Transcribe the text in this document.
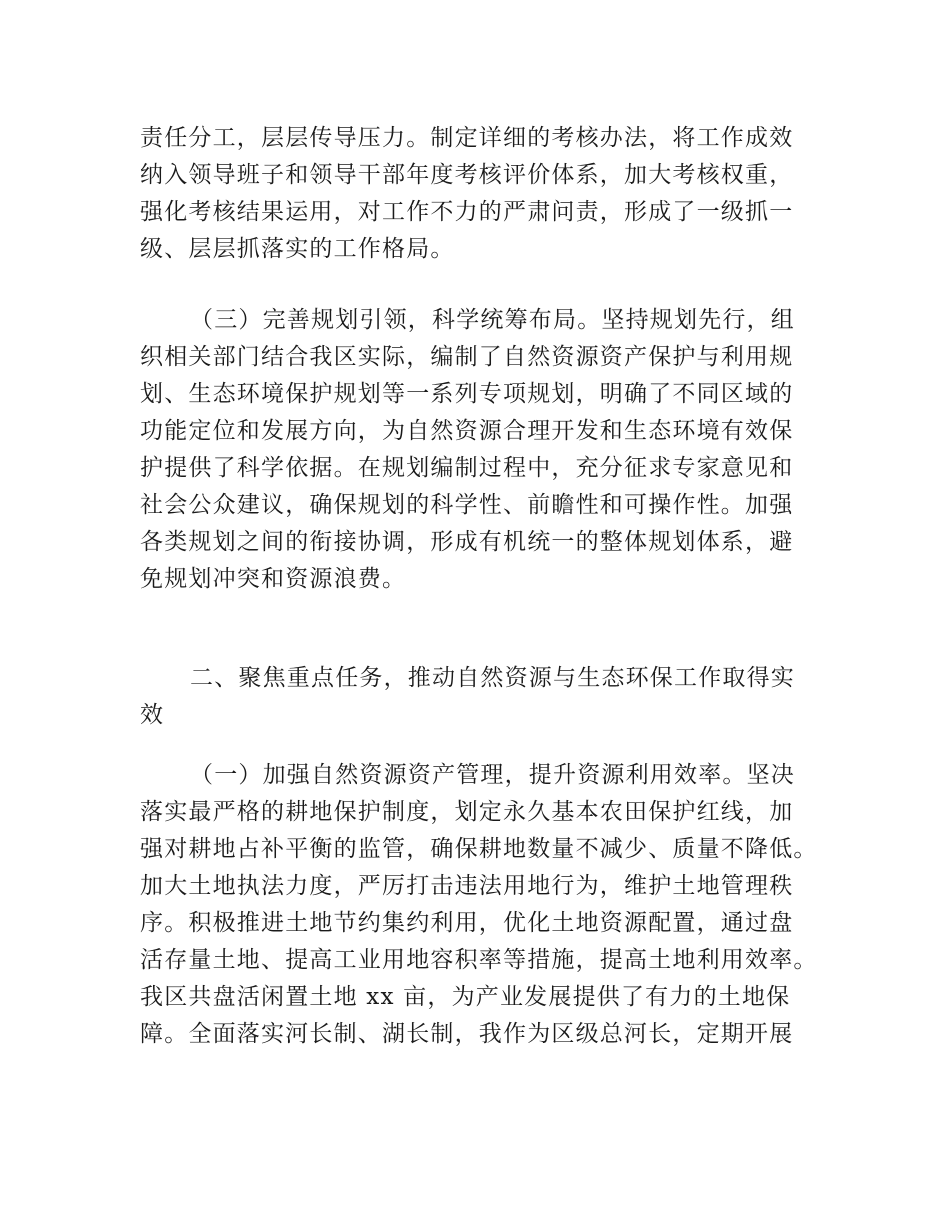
责任分工，层层传导压力。制定详细的考核办法，将工作成效
纳入领导班子和领导干部年度考核评价体系，加大考核权重，
强化考核结果运用，对工作不力的严肃问责，形成了一级抓一
级、层层抓落实的工作格局。
（三）完善规划引领，科学统筹布局。坚持规划先行，组
织相关部门结合我区实际，编制了自然资源资产保护与利用规
划、生态环境保护规划等一系列专项规划，明确了不同区域的
功能定位和发展方向，为自然资源合理开发和生态环境有效保
护提供了科学依据。在规划编制过程中，充分征求专家意见和
社会公众建议，确保规划的科学性、前瞻性和可操作性。加强
各类规划之间的衔接协调，形成有机统一的整体规划体系，避
免规划冲突和资源浪费。
二、聚焦重点任务，推动自然资源与生态环保工作取得实
效
（一）加强自然资源资产管理，提升资源利用效率。坚决
落实最严格的耕地保护制度，划定永久基本农田保护红线，加
强对耕地占补平衡的监管，确保耕地数量不减少、质量不降低。
加大土地执法力度，严厉打击违法用地行为，维护土地管理秩
序。积极推进土地节约集约利用，优化土地资源配置，通过盘
活存量土地、提高工业用地容积率等措施，提高土地利用效率。
我区共盘活闲置土地 xx 亩，为产业发展提供了有力的土地保
障。全面落实河长制、湖长制，我作为区级总河长，定期开展
